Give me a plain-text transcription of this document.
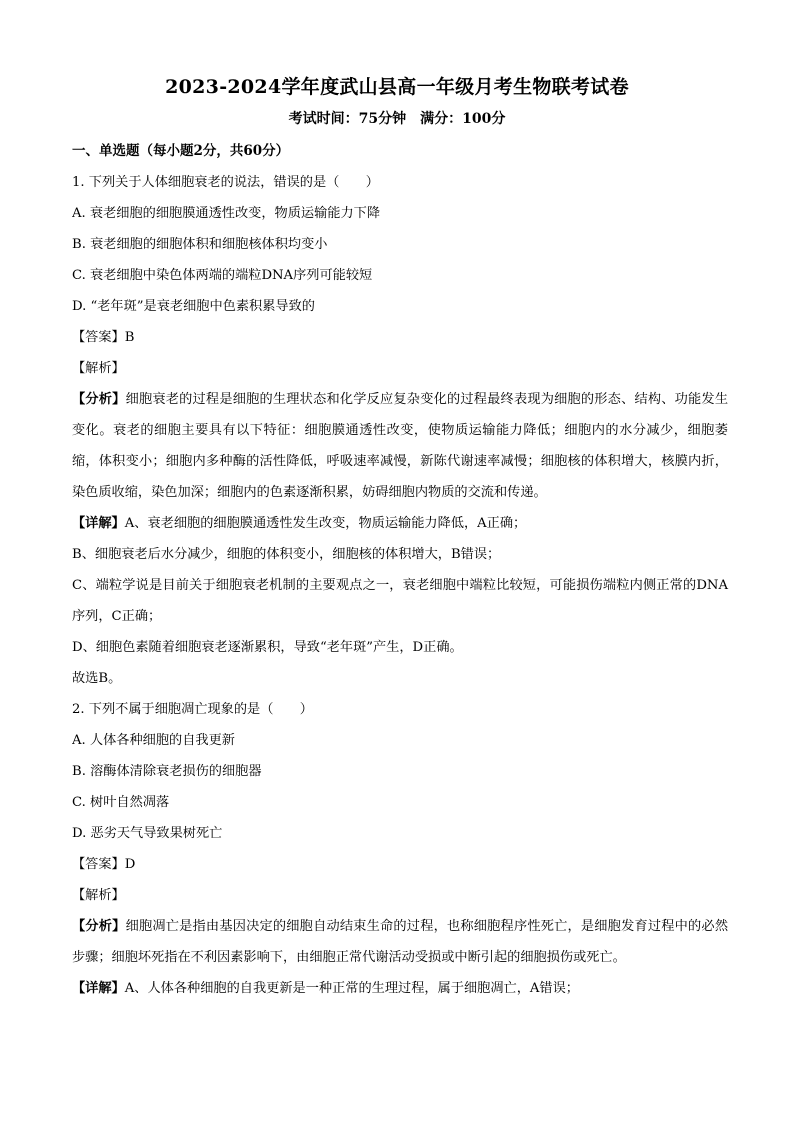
2023-2024学年度武山县高一年级月考生物联考试卷
考试时间：75分钟　满分：100分
一、单选题（每小题2分，共60分）
1. 下列关于人体细胞衰老的说法，错误的是（　　）
A. 衰老细胞的细胞膜通透性改变，物质运输能力下降
B. 衰老细胞的细胞体积和细胞核体积均变小
C. 衰老细胞中染色体两端的端粒DNA序列可能较短
D. “老年斑”是衰老细胞中色素积累导致的
【答案】B
【解析】
【分析】细胞衰老的过程是细胞的生理状态和化学反应复杂变化的过程最终表现为细胞的形态、结构、功能发生变化。衰老的细胞主要具有以下特征：细胞膜通透性改变，使物质运输能力降低；细胞内的水分减少，细胞萎缩，体积变小；细胞内多种酶的活性降低，呼吸速率减慢，新陈代谢速率减慢；细胞核的体积增大，核膜内折，染色质收缩，染色加深；细胞内的色素逐渐积累，妨碍细胞内物质的交流和传递。
【详解】A、衰老细胞的细胞膜通透性发生改变，物质运输能力降低，A正确；
B、细胞衰老后水分减少，细胞的体积变小，细胞核的体积增大，B错误；
C、端粒学说是目前关于细胞衰老机制的主要观点之一，衰老细胞中端粒比较短，可能损伤端粒内侧正常的DNA序列，C正确；
D、细胞色素随着细胞衰老逐渐累积，导致“老年斑”产生，D正确。
故选B。
2. 下列不属于细胞凋亡现象的是（　　）
A. 人体各种细胞的自我更新
B. 溶酶体清除衰老损伤的细胞器
C. 树叶自然凋落
D. 恶劣天气导致果树死亡
【答案】D
【解析】
【分析】细胞凋亡是指由基因决定的细胞自动结束生命的过程，也称细胞程序性死亡，是细胞发育过程中的必然步骤；细胞坏死指在不利因素影响下，由细胞正常代谢活动受损或中断引起的细胞损伤或死亡。
【详解】A、人体各种细胞的自我更新是一种正常的生理过程，属于细胞凋亡，A错误；
